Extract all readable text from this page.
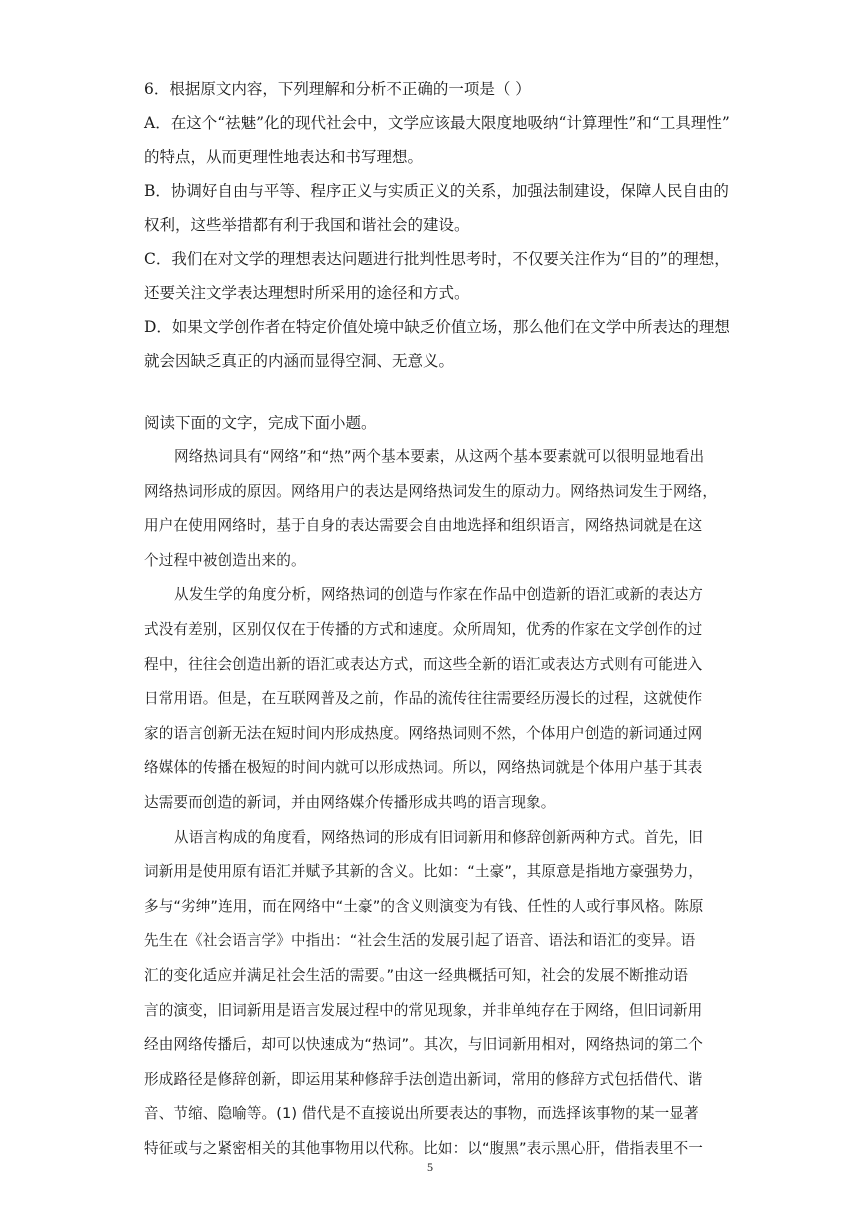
6．根据原文内容，下列理解和分析不正确的一项是（ ）

A．在这个“祛魅”化的现代社会中，文学应该最大限度地吸纳“计算理性”和“工具理性”

的特点，从而更理性地表达和书写理想。

B．协调好自由与平等、程序正义与实质正义的关系，加强法制建设，保障人民自由的

权利，这些举措都有利于我国和谐社会的建设。

C．我们在对文学的理想表达问题进行批判性思考时，不仅要关注作为“目的”的理想，

还要关注文学表达理想时所采用的途径和方式。

D．如果文学创作者在特定价值处境中缺乏价值立场，那么他们在文学中所表达的理想

就会因缺乏真正的内涵而显得空洞、无意义。

阅读下面的文字，完成下面小题。

网络热词具有“网络”和“热”两个基本要素，从这两个基本要素就可以很明显地看出

网络热词形成的原因。网络用户的表达是网络热词发生的原动力。网络热词发生于网络，

用户在使用网络时，基于自身的表达需要会自由地选择和组织语言，网络热词就是在这

个过程中被创造出来的。

从发生学的角度分析，网络热词的创造与作家在作品中创造新的语汇或新的表达方

式没有差别，区别仅仅在于传播的方式和速度。众所周知，优秀的作家在文学创作的过

程中，往往会创造出新的语汇或表达方式，而这些全新的语汇或表达方式则有可能进入

日常用语。但是，在互联网普及之前，作品的流传往往需要经历漫长的过程，这就使作

家的语言创新无法在短时间内形成热度。网络热词则不然，个体用户创造的新词通过网

络媒体的传播在极短的时间内就可以形成热词。所以，网络热词就是个体用户基于其表

达需要而创造的新词，并由网络媒介传播形成共鸣的语言现象。

从语言构成的角度看，网络热词的形成有旧词新用和修辞创新两种方式。首先，旧

词新用是使用原有语汇并赋予其新的含义。比如：“土豪”，其原意是指地方豪强势力，

多与“劣绅”连用，而在网络中“土豪”的含义则演变为有钱、任性的人或行事风格。陈原

先生在《社会语言学》中指出：“社会生活的发展引起了语音、语法和语汇的变异。语

汇的变化适应并满足社会生活的需要。”由这一经典概括可知，社会的发展不断推动语

言的演变，旧词新用是语言发展过程中的常见现象，并非单纯存在于网络，但旧词新用

经由网络传播后，却可以快速成为“热词”。其次，与旧词新用相对，网络热词的第二个

形成路径是修辞创新，即运用某种修辞手法创造出新词，常用的修辞方式包括借代、谐

音、节缩、隐喻等。(1) 借代是不直接说出所要表达的事物，而选择该事物的某一显著

特征或与之紧密相关的其他事物用以代称。比如：以“腹黑”表示黑心肝，借指表里不一

5
